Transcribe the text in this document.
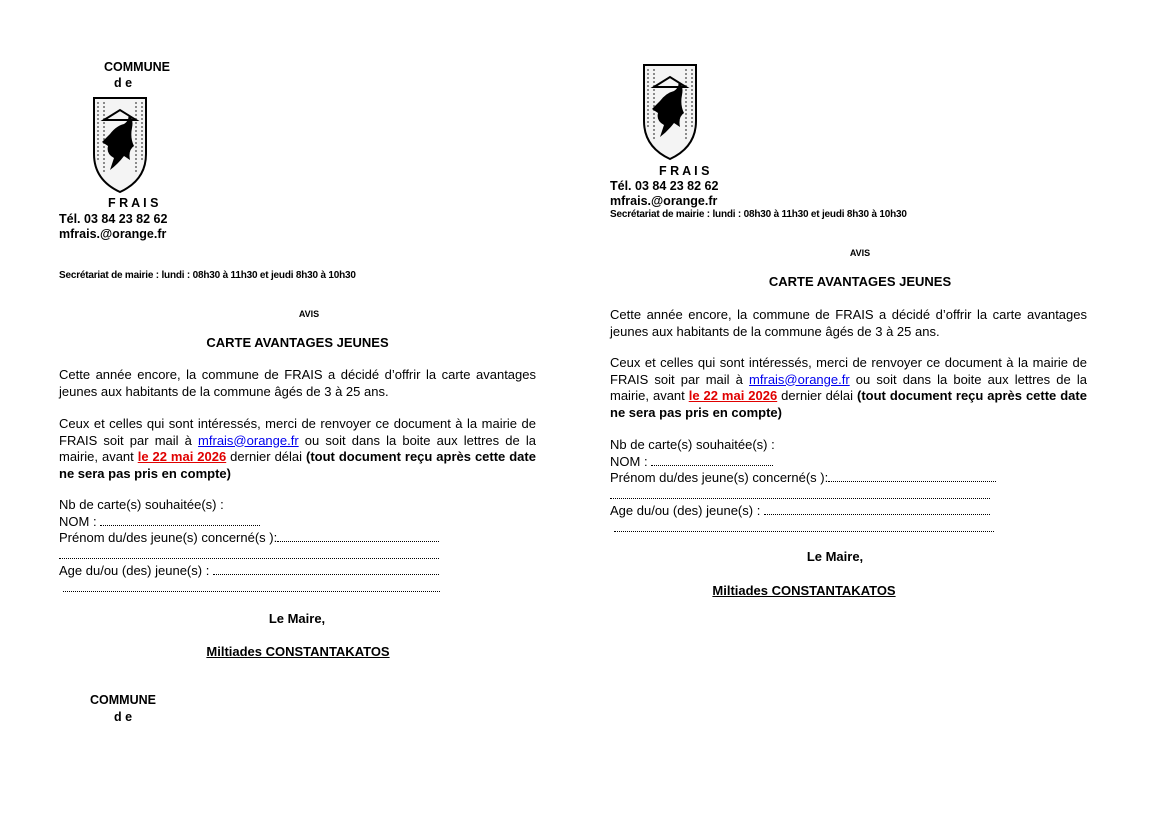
COMMUNE
d e
F R A I S
Tél. 03 84 23 82 62
mfrais.@orange.fr
Secrétariat de mairie : lundi : 08h30 à 11h30 et jeudi 8h30 à 10h30
AVIS
CARTE AVANTAGES JEUNES
Cette année encore, la commune de FRAIS a décidé d’offrir la carte avantages jeunes aux habitants de la commune âgés de 3 à 25 ans.
Ceux et celles qui sont intéressés, merci de renvoyer ce document à la mairie de FRAIS soit par mail à mfrais@orange.fr ou soit dans la boite aux lettres de la mairie, avant le 22 mai 2026 dernier délai (tout document reçu après cette date ne sera pas pris en compte)
Nb de carte(s) souhaitée(s) :
NOM :
Prénom du/des jeune(s) concerné(s ):
Age du/ou (des) jeune(s) :
Le Maire,
Miltiades CONSTANTAKATOS
COMMUNE
d e
F R A I S
Tél. 03 84 23 82 62
mfrais.@orange.fr
Secrétariat de mairie : lundi : 08h30 à 11h30 et jeudi 8h30 à 10h30
AVIS
CARTE AVANTAGES JEUNES
Cette année encore, la commune de FRAIS a décidé d’offrir la carte avantages jeunes aux habitants de la commune âgés de 3 à 25 ans.
Ceux et celles qui sont intéressés, merci de renvoyer ce document à la mairie de FRAIS soit par mail à mfrais@orange.fr ou soit dans la boite aux lettres de la mairie, avant le 22 mai 2026 dernier délai (tout document reçu après cette date ne sera pas pris en compte)
Nb de carte(s) souhaitée(s) :
NOM :
Prénom du/des jeune(s) concerné(s ):
Age du/ou (des) jeune(s) :
Le Maire,
Miltiades CONSTANTAKATOS
